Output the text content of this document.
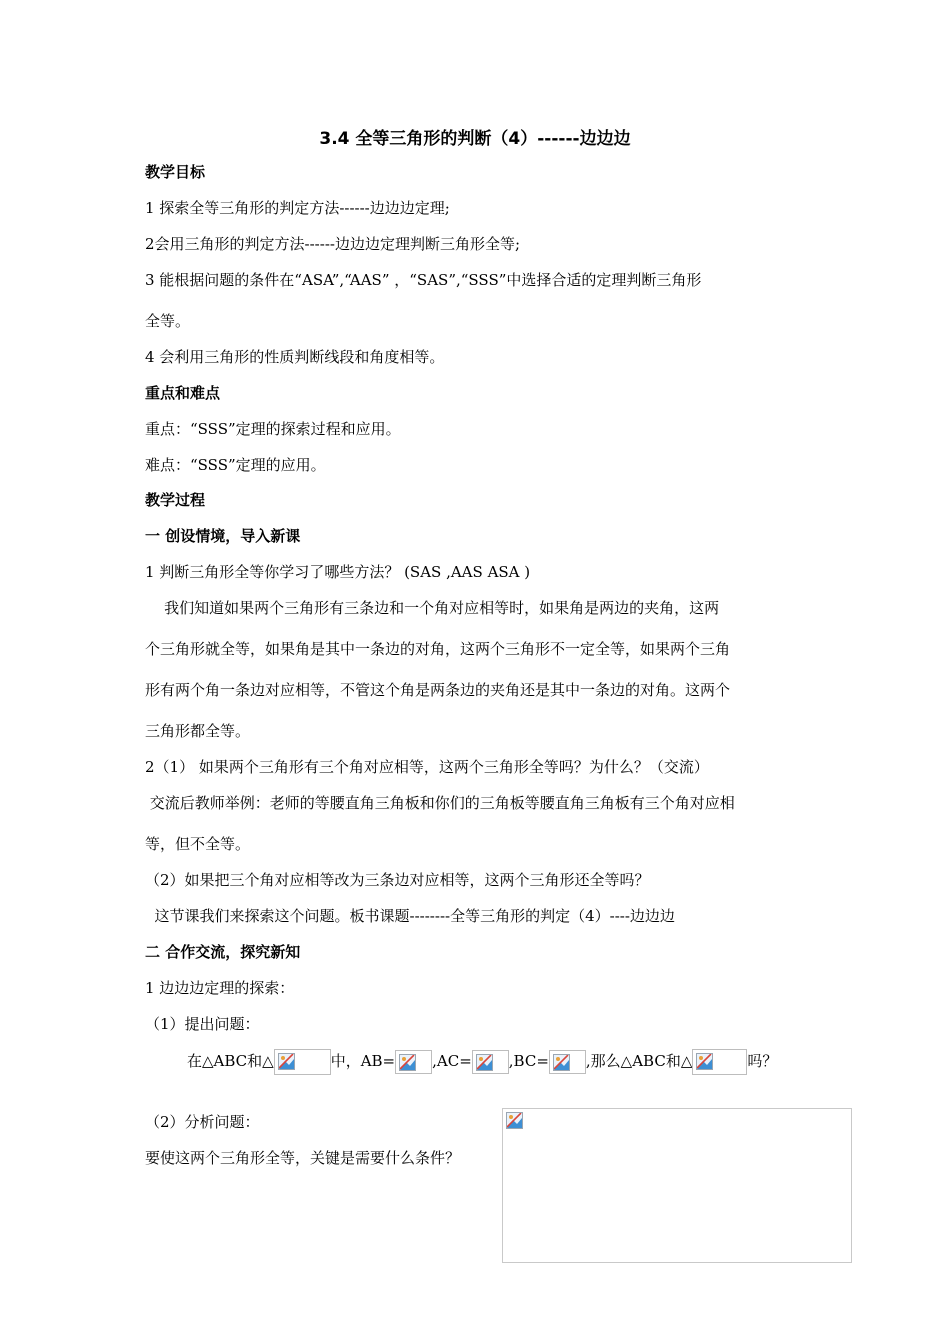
3.4 全等三角形的判断（4）------边边边
教学目标
1 探索全等三角形的判定方法------边边边定理;
2会用三角形的判定方法------边边边定理判断三角形全等;
3 能根据问题的条件在“ASA”,“AAS” ，“SAS”,“SSS”中选择合适的定理判断三角形
全等。
4 会利用三角形的性质判断线段和角度相等。
重点和难点
重点：“SSS”定理的探索过程和应用。
难点：“SSS”定理的应用。
教学过程
一 创设情境，导入新课
1 判断三角形全等你学习了哪些方法？ (SAS ,AAS ASA )
我们知道如果两个三角形有三条边和一个角对应相等时，如果角是两边的夹角，这两
个三角形就全等，如果角是其中一条边的对角，这两个三角形不一定全等，如果两个三角
形有两个角一条边对应相等，不管这个角是两条边的夹角还是其中一条边的对角。这两个
三角形都全等。
2（1） 如果两个三角形有三个角对应相等，这两个三角形全等吗？为什么？（交流）
交流后教师举例：老师的等腰直角三角板和你们的三角板等腰直角三角板有三个角对应相
等，但不全等。
（2）如果把三个角对应相等改为三条边对应相等，这两个三角形还全等吗？
这节课我们来探索这个问题。板书课题--------全等三角形的判定（4）----边边边
二 合作交流，探究新知
1 边边边定理的探索：
（1）提出问题：
在△ABC和△	中，AB= ,AC= ,BC= ,那么△ABC和△	吗？
（2）分析问题：
要使这两个三角形全等，关键是需要什么条件？
